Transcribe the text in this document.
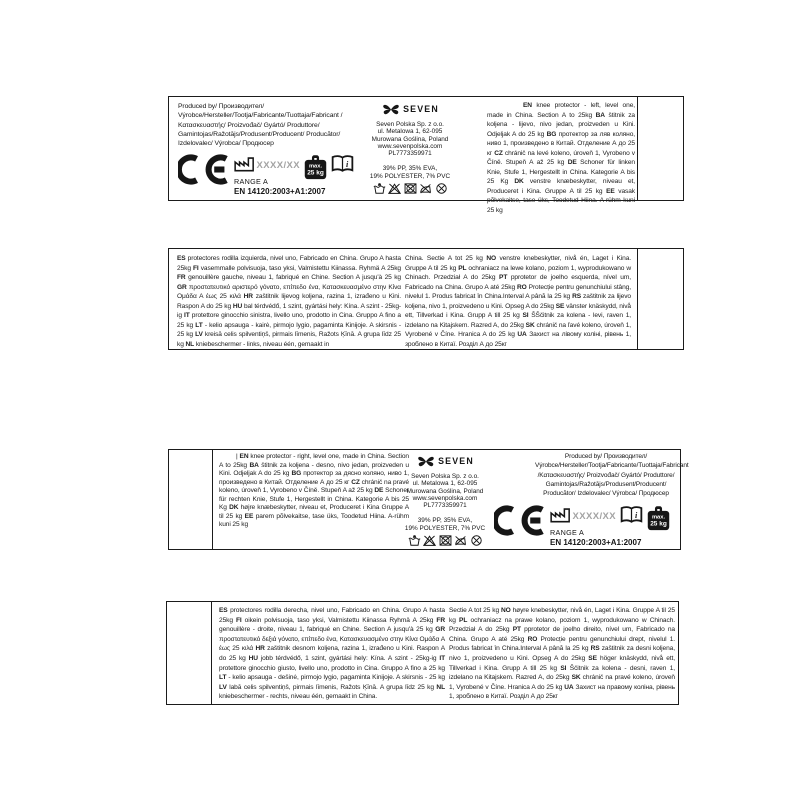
Produced by/ Производител/ Výrobce/Hersteller/Tootja/Fabricante/Tuottaja/Fabricant /Κατασκευαστής/ Proizvođač/ Gyártó/ Produttore/ Gamintojas/Ražotājs/Produsent/Producent/ Producător/ Izdelovalec/ Výrobca/ Продюсер

XXXX/XX
RANGE A
EN 14120:2003+A1:2007
max.
25 kg
i
SEVEN
Seven Polska Sp. z o.o.
ul. Metalowa 1, 62-095
Murowana Goślina, Poland
www.sevenpolska.com
PL7773359971
39% PP, 35% EVA,
19% POLYESTER, 7% PVC

EN knee protector - left, level one, made in China. Section A to 25kg BA štitnik za koljena - lijevo, nivo jedan, proizveden u Kini. Odjeljak A do 25 kg BG протектор за ляв коляно, ниво 1, произведено в Китай. Отделение А до 25 кг CZ chránič na levé koleno, úroveň 1, Vyrobeno v Číně. Stupeň A až 25 kg DE Schoner für linken Knie, Stufe 1, Hergestellt in China. Kategorie A bis 25 Kg DK venstre knæbeskytter, niveau et, Produceret i Kina. Gruppe A til 25 kg EE vasak põlvekaitse, tase üks, Toodetud Hiina. A-rühm kuni 25 kg

ES protectores rodilla izquierda, nivel uno, Fabricado en China. Grupo A hasta 25kg FI vasemmalle polvisuoja, taso yksi, Valmistettu Kiinassa. Ryhmä A 25kg FR genouillère gauche, niveau 1, fabriqué en Chine. Section A jusqu'à 25 kg GR προστατευτικό αριστερό γόνατο, επίπεδο ένα, Κατασκευασμένο στην Κίνα Ομάδα Α έως 25 κιλά HR zaštitnik lijevog koljena, razina 1, izrađeno u Kini. Raspon A do 25 kg HU bal térdvédő, 1 szint, gyártási hely: Kína. A szint - 25kg-ig IT protettore ginocchio sinistra, livello uno, prodotto in Cina. Gruppo A fino a 25 kg LT - kelio apsauga - kairė, pirmojo lygio, pagaminta Kinijoje. A skirsnis - 25 kg LV kreisā celis spilventiņš, pirmais līmenis, Ražots Ķīnā. A grupa līdz 25 kg NL kniebeschermer - links, niveau één, gemaakt in

China. Sectie A tot 25 kg NO venstre knebeskytter, nivå én, Laget i Kina. Gruppe A til 25 kg PL ochraniacz na lewe kolano, poziom 1, wyprodukowano w Chinach. Przedział A do 25kg PT pprotetor de joelho esquerda, nível um, Fabricado na China. Grupo A até 25kg RO Protecție pentru genunchiului stâng, nivelul 1. Produs fabricat în China.Interval A până la 25 kg RS zaštitnik za lijevo koljena, nivo 1, proizvedeno u Kini. Opseg A do 25kg SE vänster knäskydd, nivå ett, Tillverkad i Kina. Grupp A till 25 kg SI ŠŠčitnik za kolena - levi, raven 1, izdelano na Kitajskem. Razred A, do 25kg SK chránič na ľavé koleno, úroveň 1, Vyrobené v Číne. Hranica A do 25 kg UA Захист на лівому коліні, рівень 1, зроблено в Китаї. Розділ А до 25кг

| EN knee protector - right, level one, made in China. Section A to 25kg BA štitnik za koljena - desno, nivo jedan, proizveden u Kini. Odjeljak A do 25 kg BG протектор за дясно коляно, ниво 1, произведено в Китай. Отделение А до 25 кг CZ chránič na pravé koleno, úroveň 1, Vyrobeno v Číně. Stupeň A až 25 kg DE Schoner für rechten Knie, Stufe 1, Hergestellt in China. Kategorie A bis 25 Kg DK højre knæbeskytter, niveau et, Produceret i Kina Gruppe A til 25 kg EE parem põlvekaitse, tase üks, Toodetud Hiina. A-rühm kuni 25 kg

SEVEN
Seven Polska Sp. z o.o.
ul. Metalowa 1, 62-095
Murowana Goślina, Poland
www.sevenpolska.com
PL7773359971
39% PP, 35% EVA,
19% POLYESTER, 7% PVC

Produced by/ Производител/ Výrobce/Hersteller/Tootja/Fabricante/Tuottaja/Fabricant /Κατασκευαστής/ Proizvođač/ Gyártó/ Produttore/ Gamintojas/Ražotājs/Produsent/Producent/ Producător/ Izdelovalec/ Výrobca/ Продюсер

XXXX/XX
RANGE A
EN 14120:2003+A1:2007
i max.
25 kg

ES protectores rodilla derecha, nivel uno, Fabricado en China. Grupo A hasta 25kg FI oikein polvisuoja, taso yksi, Valmistettu Kiinassa Ryhmä A 25kg FR genouillère - droite, niveau 1, fabriqué en Chine. Section A jusqu'à 25 kg GR προστατευτικό δεξιά γόνατο, επίπεδο ένα, Κατασκευασμένο στην Κίνα Ομάδα Α έως 25 κιλά HR zaštitnik desnom koljena, razina 1, izrađeno u Kini. Raspon A do 25 kg HU jobb térdvédő, 1 szint, gyártási hely: Kína. A szint - 25kg-ig IT protettore ginocchio giusto, livello uno, prodotto in Cina. Gruppo A fino a 25 kg LT - kelio apsauga - dešinė, pirmojo lygio, pagaminta Kinijoje. A skirsnis - 25 kg LV labā celis spilventiņš, pirmais līmenis, Ražots Ķīnā. A grupa līdz 25 kg NL kniebeschermer - rechts, niveau één, gemaakt in China.

Sectie A tot 25 kg NO høyre knebeskytter, nivå én, Laget i Kina. Gruppe A til 25 kg PL ochraniacz na prawe kolano, poziom 1, wyprodukowano w Chinach. Przedział A do 25kg PT pprotetor de joelho direito, nível um, Fabricado na China. Grupo A até 25kg RO Protecție pentru genunchiului drept, nivelul 1. Produs fabricat în China.Interval A până la 25 kg RS zaštitnik za desni koljena, nivo 1, proizvedeno u Kini. Opseg A do 25kg SE höger knäskydd, nivå ett, Tillverkad i Kina. Grupp A till 25 kg SI Ščitnik za kolena - desni, raven 1, izdelano na Kitajskem. Razred A, do 25kg SK chránič na pravé koleno, úroveň 1, Vyrobené v Číne. Hranica A do 25 kg UA Захист на правому коліна, рівень 1, зроблено в Китаї. Розділ А до 25кг
